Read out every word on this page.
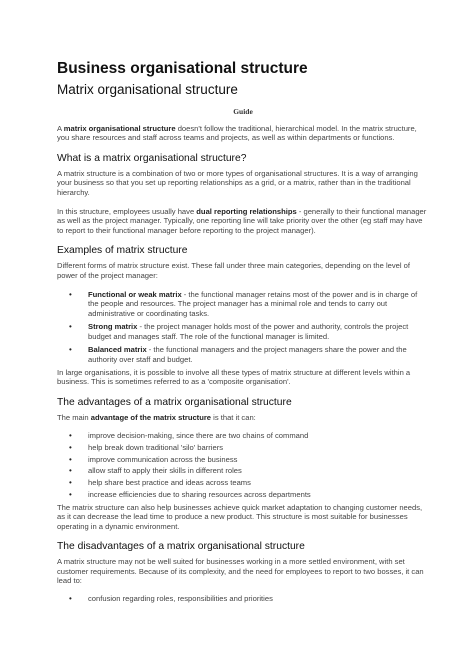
Business organisational structure
Matrix organisational structure
Guide

A matrix organisational structure doesn't follow the traditional, hierarchical model. In the matrix structure, you share resources and staff across teams and projects, as well as within departments or functions.

What is a matrix organisational structure?

A matrix structure is a combination of two or more types of organisational structures. It is a way of arranging your business so that you set up reporting relationships as a grid, or a matrix, rather than in the traditional hierarchy.

In this structure, employees usually have dual reporting relationships - generally to their functional manager as well as the project manager. Typically, one reporting line will take priority over the other (eg staff may have to report to their functional manager before reporting to the project manager).

Examples of matrix structure

Different forms of matrix structure exist. These fall under three main categories, depending on the level of power of the project manager:

• Functional or weak matrix - the functional manager retains most of the power and is in charge of the people and resources. The project manager has a minimal role and tends to carry out administrative or coordinating tasks.
• Strong matrix - the project manager holds most of the power and authority, controls the project budget and manages staff. The role of the functional manager is limited.
• Balanced matrix - the functional managers and the project managers share the power and the authority over staff and budget.

In large organisations, it is possible to involve all these types of matrix structure at different levels within a business. This is sometimes referred to as a 'composite organisation'.

The advantages of a matrix organisational structure

The main advantage of the matrix structure is that it can:

• improve decision-making, since there are two chains of command
• help break down traditional 'silo' barriers
• improve communication across the business
• allow staff to apply their skills in different roles
• help share best practice and ideas across teams
• increase efficiencies due to sharing resources across departments

The matrix structure can also help businesses achieve quick market adaptation to changing customer needs, as it can decrease the lead time to produce a new product. This structure is most suitable for businesses operating in a dynamic environment.

The disadvantages of a matrix organisational structure

A matrix structure may not be well suited for businesses working in a more settled environment, with set customer requirements. Because of its complexity, and the need for employees to report to two bosses, it can lead to:

• confusion regarding roles, responsibilities and priorities
